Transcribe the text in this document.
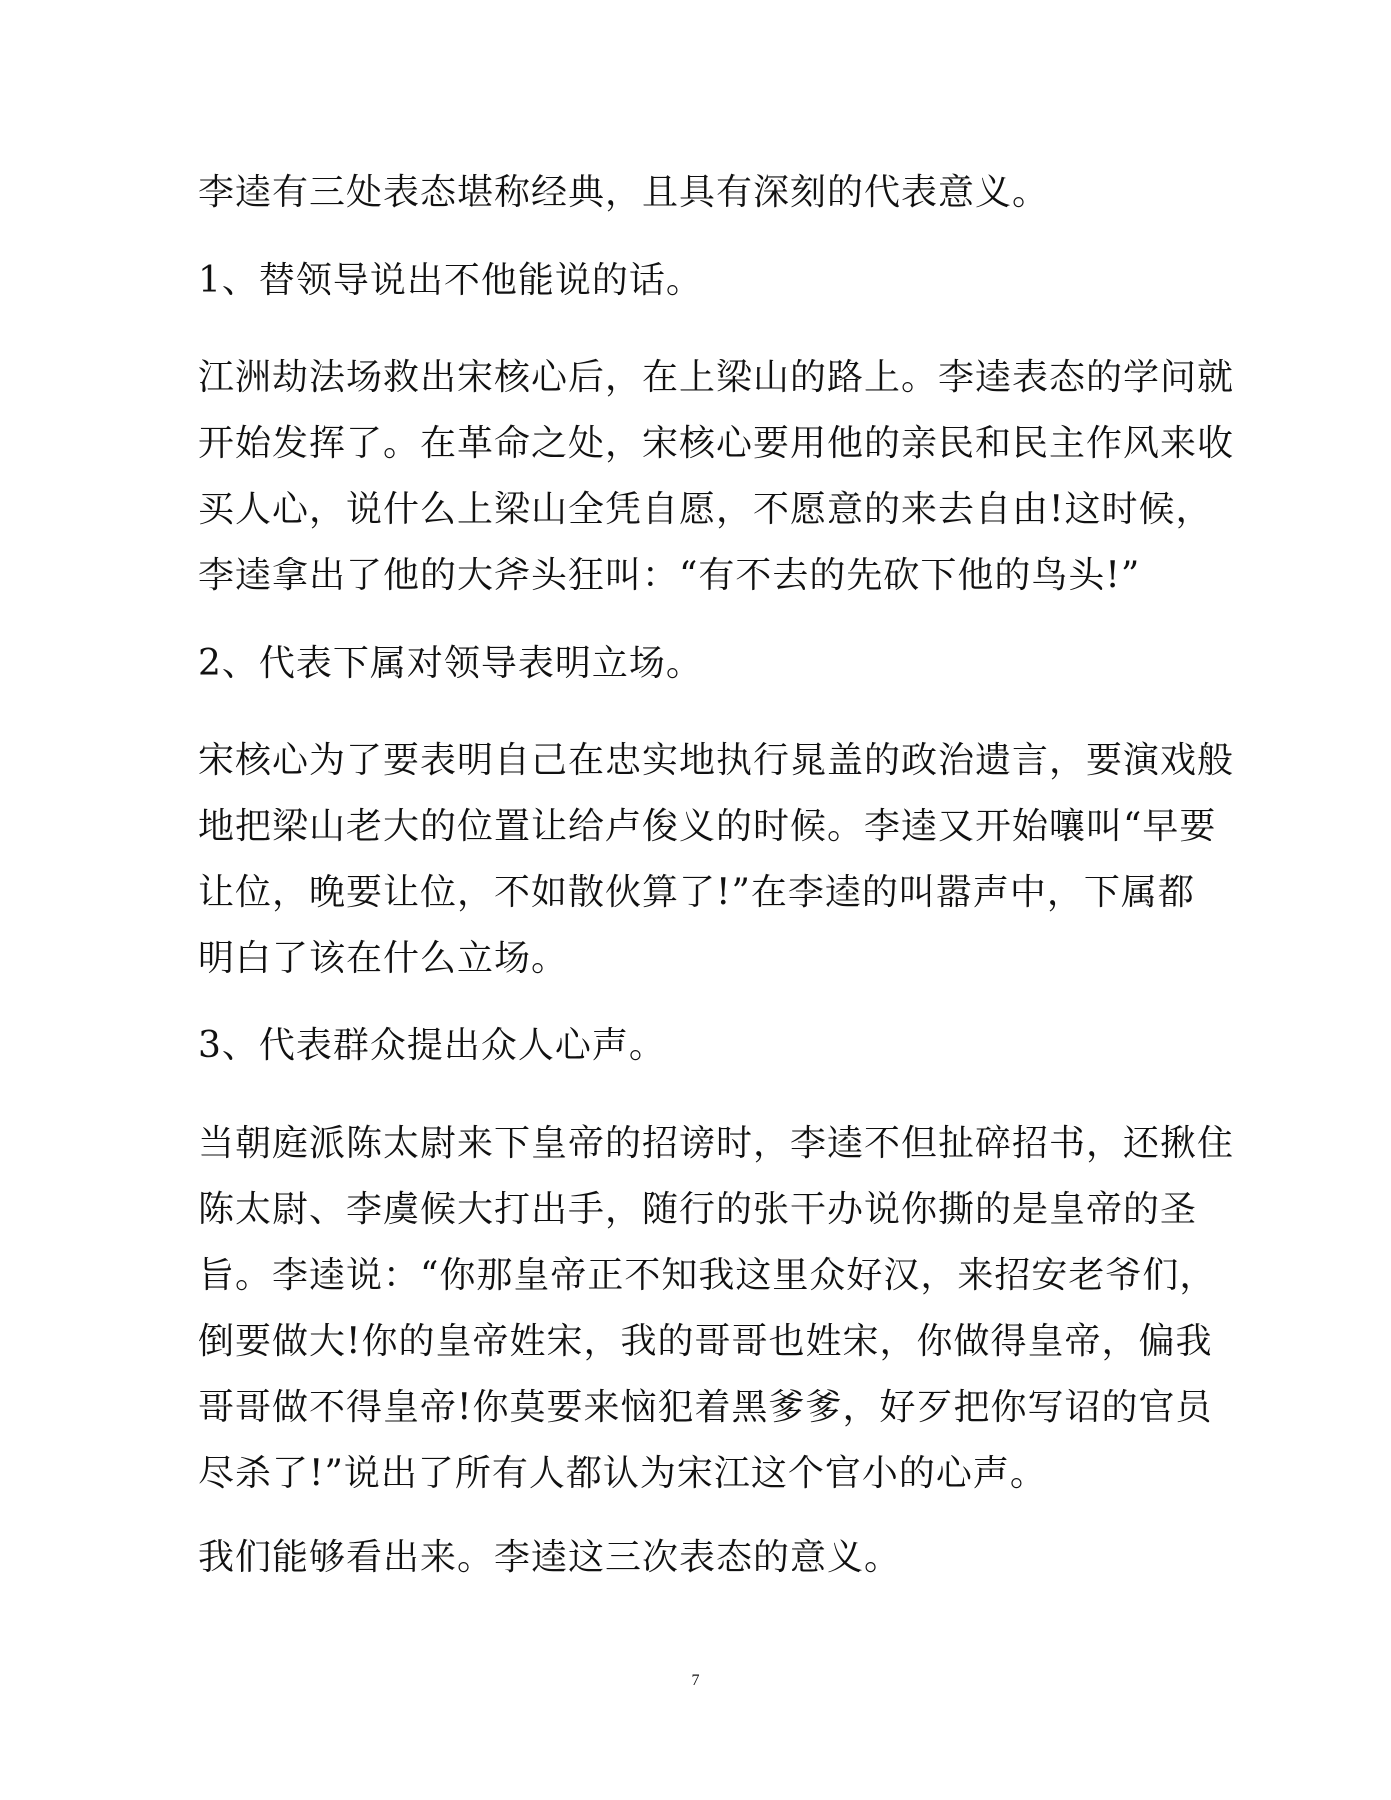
李逵有三处表态堪称经典，且具有深刻的代表意义。

1、替领导说出不他能说的话。

江洲劫法场救出宋核心后，在上梁山的路上。李逵表态的学问就
开始发挥了。在革命之处，宋核心要用他的亲民和民主作风来收
买人心，说什么上梁山全凭自愿，不愿意的来去自由!这时候，
李逵拿出了他的大斧头狂叫：“有不去的先砍下他的鸟头!”

2、代表下属对领导表明立场。

宋核心为了要表明自己在忠实地执行晁盖的政治遗言，要演戏般
地把梁山老大的位置让给卢俊义的时候。李逵又开始嚷叫“早要
让位，晚要让位，不如散伙算了!”在李逵的叫嚣声中，下属都
明白了该在什么立场。

3、代表群众提出众人心声。

当朝庭派陈太尉来下皇帝的招谤时，李逵不但扯碎招书，还揪住
陈太尉、李虞候大打出手，随行的张干办说你撕的是皇帝的圣
旨。李逵说：“你那皇帝正不知我这里众好汉，来招安老爷们，
倒要做大!你的皇帝姓宋，我的哥哥也姓宋，你做得皇帝，偏我
哥哥做不得皇帝!你莫要来恼犯着黑爹爹，好歹把你写诏的官员
尽杀了!”说出了所有人都认为宋江这个官小的心声。

我们能够看出来。李逵这三次表态的意义。

7
